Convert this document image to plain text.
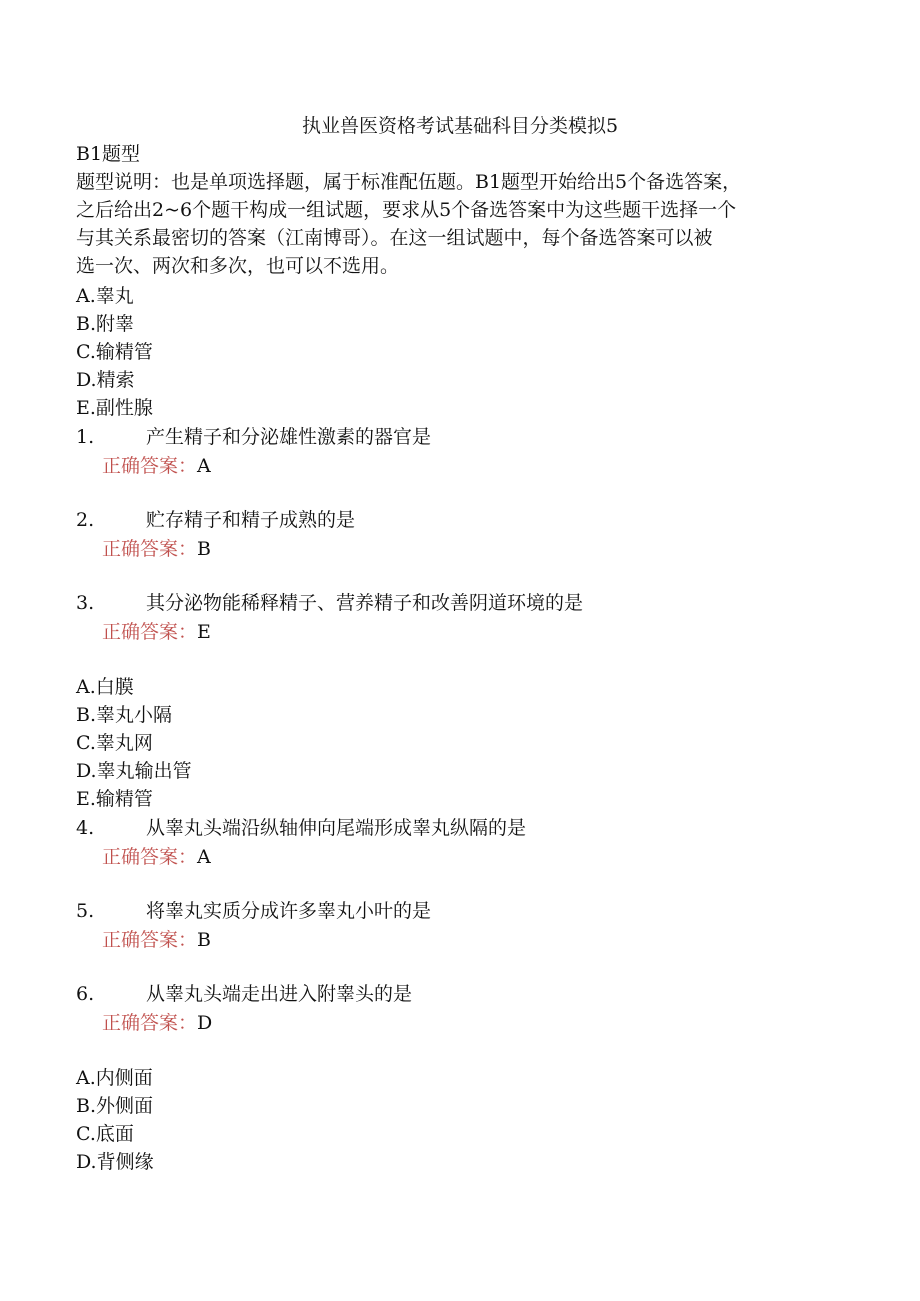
执业兽医资格考试基础科目分类模拟5
B1题型

题型说明：也是单项选择题，属于标准配伍题。B1题型开始给出5个备选答案，

之后给出2~6个题干构成一组试题，要求从5个备选答案中为这些题干选择一个

与其关系最密切的答案（江南博哥）。在这一组试题中，每个备选答案可以被

选一次、两次和多次，也可以不选用。

A.睾丸
B.附睾
C.输精管
D.精索
E.副性腺
1.	产生精子和分泌雄性激素的器官是
正确答案：A
2.	贮存精子和精子成熟的是
正确答案：B
3.	其分泌物能稀释精子、营养精子和改善阴道环境的是
正确答案：E
A.白膜
B.睾丸小隔
C.睾丸网
D.睾丸输出管
E.输精管
4.	从睾丸头端沿纵轴伸向尾端形成睾丸纵隔的是
正确答案：A
5.	将睾丸实质分成许多睾丸小叶的是
正确答案：B
6.	从睾丸头端走出进入附睾头的是
正确答案：D
A.内侧面
B.外侧面
C.底面
D.背侧缘
